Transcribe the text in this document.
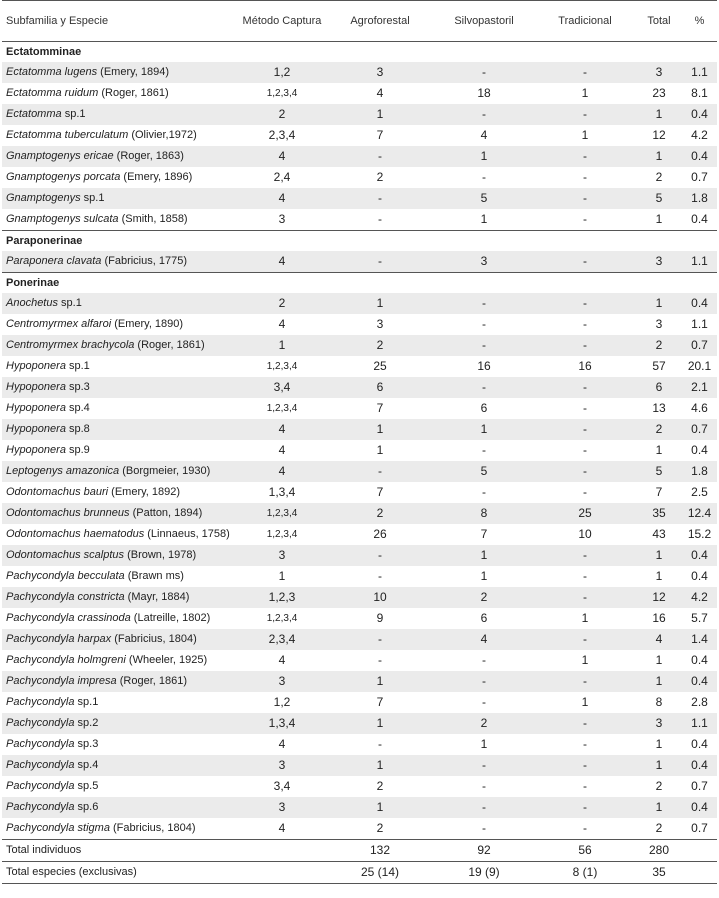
Subfamilia y Especie	Método Captura	Agroforestal	Silvopastoril	Tradicional	Total	%
Ectatomminae						
Ectatomma lugens (Emery, 1894)	1,2	3	-	-	3	1.1
Ectatomma ruidum (Roger, 1861)	1,2,3,4	4	18	1	23	8.1
Ectatomma sp.1	2	1	-	-	1	0.4
Ectatomma tuberculatum (Olivier,1972)	2,3,4	7	4	1	12	4.2
Gnamptogenys ericae (Roger, 1863)	4	-	1	-	1	0.4
Gnamptogenys porcata (Emery, 1896)	2,4	2	-	-	2	0.7
Gnamptogenys sp.1	4	-	5	-	5	1.8
Gnamptogenys sulcata (Smith, 1858)	3	-	1	-	1	0.4
Paraponerinae						
Paraponera clavata (Fabricius, 1775)	4	-	3	-	3	1.1
Ponerinae						
Anochetus sp.1	2	1	-	-	1	0.4
Centromyrmex alfaroi (Emery, 1890)	4	3	-	-	3	1.1
Centromyrmex brachycola (Roger, 1861)	1	2	-	-	2	0.7
Hypoponera sp.1	1,2,3,4	25	16	16	57	20.1
Hypoponera sp.3	3,4	6	-	-	6	2.1
Hypoponera sp.4	1,2,3,4	7	6	-	13	4.6
Hypoponera sp.8	4	1	1	-	2	0.7
Hypoponera sp.9	4	1	-	-	1	0.4
Leptogenys amazonica (Borgmeier, 1930)	4	-	5	-	5	1.8
Odontomachus bauri (Emery, 1892)	1,3,4	7	-	-	7	2.5
Odontomachus brunneus (Patton, 1894)	1,2,3,4	2	8	25	35	12.4
Odontomachus haematodus (Linnaeus, 1758)	1,2,3,4	26	7	10	43	15.2
Odontomachus scalptus (Brown, 1978)	3	-	1	-	1	0.4
Pachycondyla becculata (Brawn ms)	1	-	1	-	1	0.4
Pachycondyla constricta (Mayr, 1884)	1,2,3	10	2	-	12	4.2
Pachycondyla crassinoda (Latreille, 1802)	1,2,3,4	9	6	1	16	5.7
Pachycondyla harpax (Fabricius, 1804)	2,3,4	-	4	-	4	1.4
Pachycondyla holmgreni (Wheeler, 1925)	4	-	-	1	1	0.4
Pachycondyla impresa (Roger, 1861)	3	1	-	-	1	0.4
Pachycondyla sp.1	1,2	7	-	1	8	2.8
Pachycondyla sp.2	1,3,4	1	2	-	3	1.1
Pachycondyla sp.3	4	-	1	-	1	0.4
Pachycondyla sp.4	3	1	-	-	1	0.4
Pachycondyla sp.5	3,4	2	-	-	2	0.7
Pachycondyla sp.6	3	1	-	-	1	0.4
Pachycondyla stigma (Fabricius, 1804)	4	2	-	-	2	0.7
Total individuos		132	92	56	280	
Total especies (exclusivas)		25 (14)	19 (9)	8 (1)	35	
